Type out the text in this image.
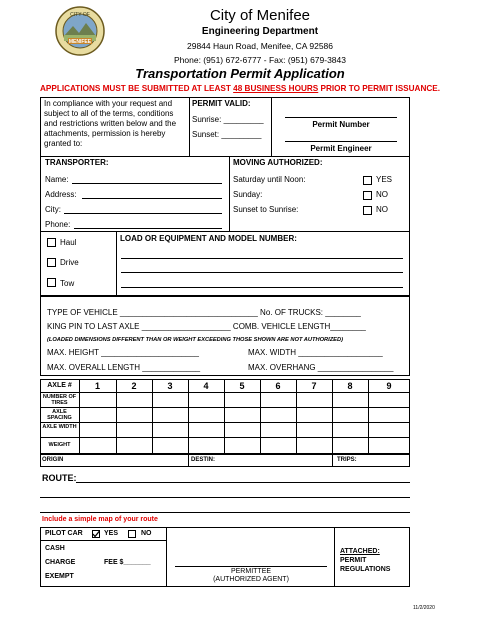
CITY OF
MENIFEE
City of Menifee
Engineering Department
29844 Haun Road, Menifee, CA 92586
Phone: (951) 672-6777 - Fax: (951) 679-3843
Transportation Permit Application
APPLICATIONS MUST BE SUBMITTED AT LEAST 48 BUSINESS HOURS PRIOR TO PERMIT ISSUANCE.
In compliance with your request and subject to all of the terms, conditions and restrictions written below and the attachments, permission is hereby granted to:
PERMIT VALID:
Sunrise: _________
Sunset: _________
Permit Number
Permit Engineer
TRANSPORTER:
Name:
Address:
City:
Phone:
MOVING AUTHORIZED:
Saturday until Noon:	YES
Sunday:	NO
Sunset to Sunrise:	NO
Haul
Drive
Tow
LOAD OR EQUIPMENT AND MODEL NUMBER:
TYPE OF VEHICLE _______________________________ No. OF TRUCKS: ________
KING PIN TO LAST AXLE ____________________ COMB. VEHICLE LENGTH________
(LOADED DIMENSIONS DIFFERENT THAN OR WEIGHT EXCEEDING THOSE SHOWN ARE NOT AUTHORIZED)
MAX. HEIGHT ______________________	MAX. WIDTH ___________________
MAX. OVERALL LENGTH _____________	MAX. OVERHANG _________________
AXLE #	1	2	3	4	5	6	7	8	9
NUMBER OF TIRES
AXLE SPACING
AXLE WIDTH
WEIGHT
ORIGIN	DESTIN:	TRIPS:
ROUTE:
Include a simple map of your route
PILOT CAR	YES	NO
CASH
CHARGE	FEE $_______
EXEMPT
PERMITTEE
(AUTHORIZED AGENT)
ATTACHED:
PERMIT
REGULATIONS
11/2/2020
